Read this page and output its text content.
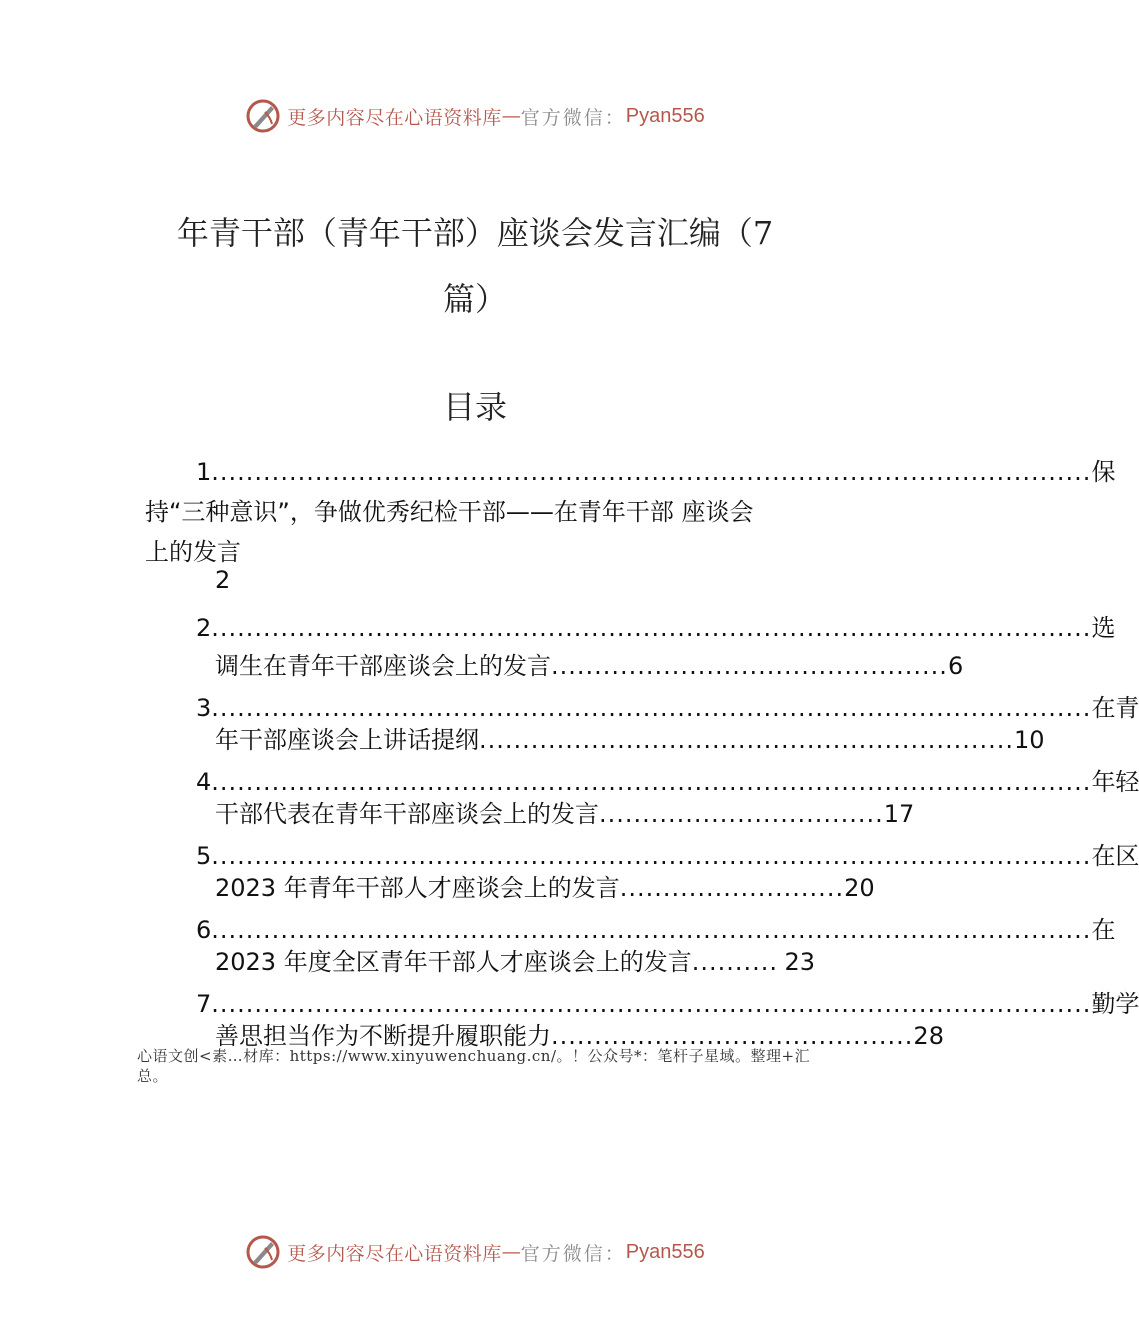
更多内容尽在心语资料库 — 官方微信： Pyan556
年青干部（青年干部）座谈会发言汇编（7
篇）
目录
1 ...................................................................................................... 保
持“三种意识”，争做优秀纪检干部——在青年干部 座谈会
上的发言
2
2 ...................................................................................................... 选
调生在青年干部座谈会上的发言 .............................................. 6
3 ...................................................................................................... 在青
年干部座谈会上讲话提纲 .............................................................. 10
4 ...................................................................................................... 年轻
干部代表在青年干部座谈会上的发言 ................................. 17
5 ...................................................................................................... 在区
2023 年青年干部人才座谈会上的发言 .......................... 20
6 ...................................................................................................... 在
2023 年度全区青年干部人才座谈会上的发言 .......... 23
7 ...................................................................................................... 勤学
善思担当作为不断提升履职能力 .......................................... 28
心语文创<素…材库：https://www.xinyuwenchuang.cn/。！公众号*：笔杆子星域。整理+汇总。
更多内容尽在心语资料库 — 官方微信： Pyan556
